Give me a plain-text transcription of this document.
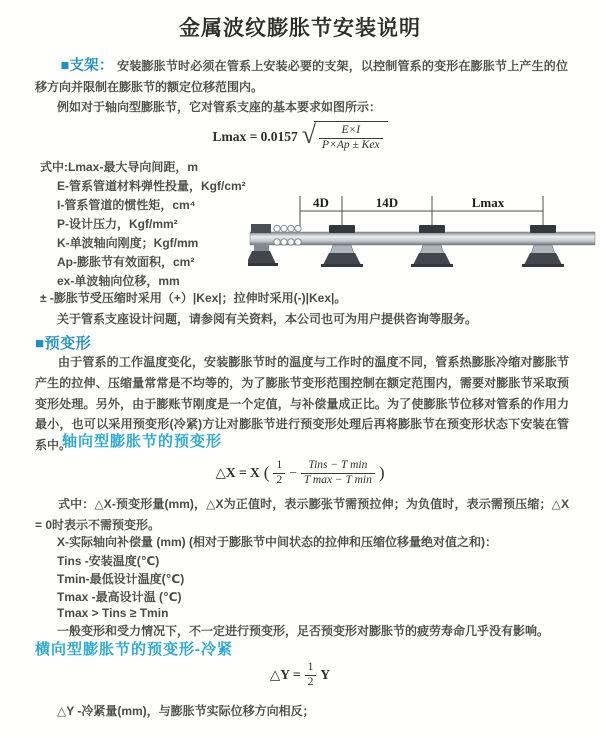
金属波纹膨胀节安装说明
■支架： 安装膨胀节时必须在管系上安装必要的支架，以控制管系的变形在膨胀节上产生的位移方向并限制在膨胀节的额定位移范围内。
例如对于轴向型膨胀节，它对管系支座的基本要求如图所示：
Lmax = 0.0157 √ $\frac{E\times I}{\text{P×Ap ± Kex}}$
式中:Lmax-最大导向间距，m
E-管系管道材料弹性投量，Kgf/cm²
I-管系管道的惯性矩，cm⁴
P-设计压力，Kgf/mm²
K-单波轴向刚度；Kgf/mm
Ap-膨胀节有效面积，cm²
ex-单波轴向位移，mm
4D	14D	Lmax
± -膨胀节受压缩时采用（+）|Kex|；拉伸时采用(-)|Kex|。
关于管系支座设计问题，请参阅有关资料，本公司也可为用户提供咨询等服务。
■预变形
由于管系的工作温度变化，安装膨胀节时的温度与工作时的温度不同，管系热膨胀冷缩对膨胀节产生的拉伸、压缩量常常是不均等的，为了膨胀节变形范围控制在额定范围内，需要对膨胀节采取预变形处理。另外，由于膨账节刚度是一个定值，与补偿量成正比。为了使膨胀节位移对管系的作用力最小，也可以采用预变形(冷紧)方让对膨胀节进行预变形处理后再将膨胀节在预变形状态下安装在管系中。
轴向型膨胀节的预变形
△X = X ( $\frac{1}{2} - \frac{\text{Tins − T min}}{\text{T max − T min}}$ )
式中：△X-预变形量(mm)，△X为正值时，表示膨张节需预拉伸；为负值时，表示需预压缩；△X = 0时表示不需预变形。
X-实际轴向补偿量 (mm) (相对于膨胀节中间状态的拉伸和压缩位移量绝对值之和)：
Tins -安装温度(℃)
Tmin-最低设计温度(℃)
Tmax -最高设计温 (℃)
Tmax > Tins ≥ Tmin
一般变形和受力情况下，不一定进行预变形，足否预变形对膨胀节的疲劳寿命几乎没有影响。
横向型膨胀节的预变形-冷紧
△Y = $\frac{1}{2}$ Y
△Y -冷紧量(mm)，与膨胀节实际位移方向相反；
